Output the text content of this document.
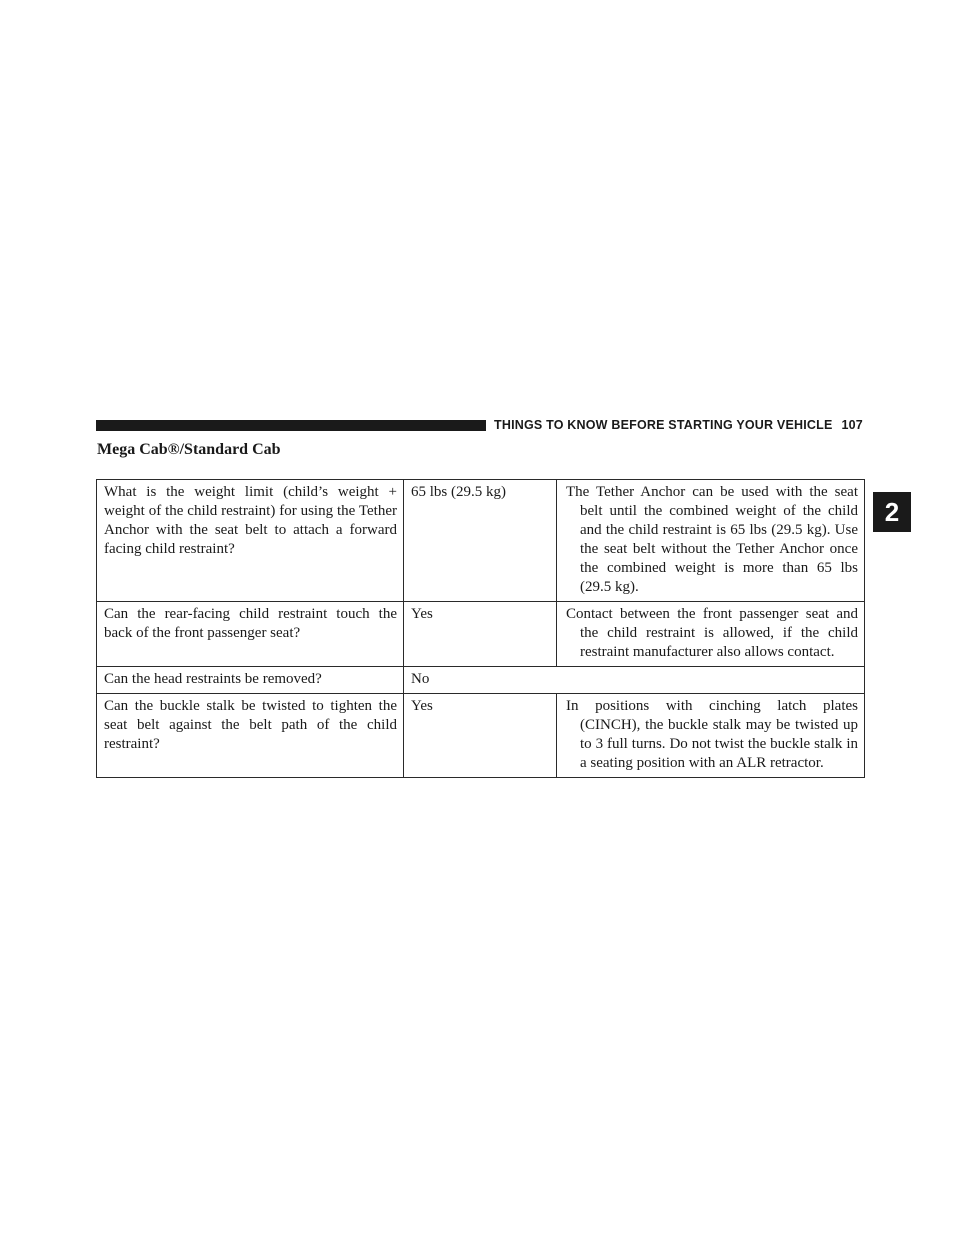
THINGS TO KNOW BEFORE STARTING YOUR VEHICLE 107
Mega Cab®/Standard Cab
2
What is the weight limit (child’s weight + weight of the child restraint) for using the Tether Anchor with the seat belt to attach a forward facing child restraint?	65 lbs (29.5 kg)	The Tether Anchor can be used with the seat belt until the combined weight of the child and the child restraint is 65 lbs (29.5 kg). Use the seat belt without the Tether Anchor once the combined weight is more than 65 lbs (29.5 kg).
Can the rear-facing child restraint touch the back of the front passenger seat?	Yes	Contact between the front passenger seat and the child restraint is allowed, if the child restraint manufacturer also allows contact.
Can the head restraints be removed?	No	
Can the buckle stalk be twisted to tighten the seat belt against the belt path of the child restraint?	Yes	In positions with cinching latch plates (CINCH), the buckle stalk may be twisted up to 3 full turns. Do not twist the buckle stalk in a seating position with an ALR retractor.
